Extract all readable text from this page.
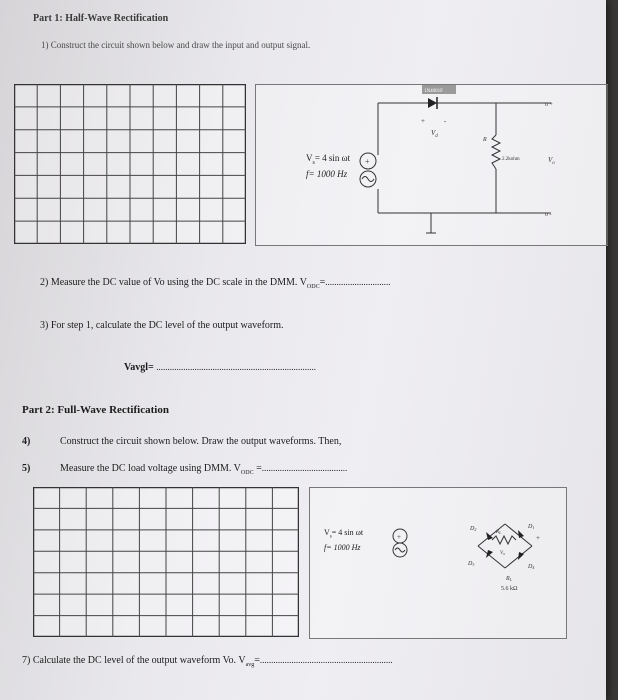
Part 1: Half-Wave Rectification
1) Construct the circuit shown below and draw the input and output signal.
1N4001F
+	-
$V_d$
R
2.2kohm	$V_o$
o +
o -
+
$V_s= 4$ sin ωt
f= 1000 Hz
2) Measure the DC value of Vo using the DC scale in the DMM. $V_{ODC}=$.............................
3) For step 1, calculate the DC level of the output waveform.
Vavgl= .......................................................................
Part 2: Full-Wave Rectification
4)	Construct the circuit shown below. Draw the output waveforms. Then,
5)	Measure the DC load voltage using DMM. $V_{ODC}$ =......................................
+
D2	D1
D3	D4
$R_L$
$V_o$
+
RL
5.6 kΩ
$V_s= 4$ sin ωt
f= 1000 Hz
7) Calculate the DC level of the output waveform Vo. $V_{avg}=$...........................................................
